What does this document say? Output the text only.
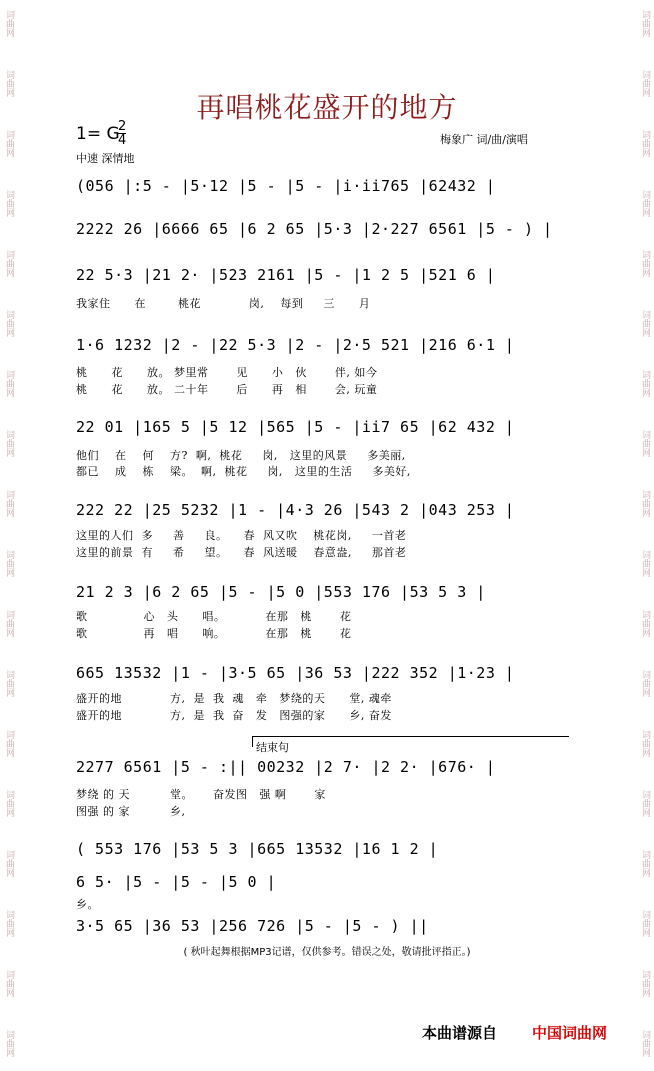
词曲网
词曲网
词曲网
词曲网
词曲网
词曲网
词曲网
词曲网
词曲网
词曲网
词曲网
词曲网
词曲网
词曲网
词曲网
词曲网
词曲网
词曲网
词曲网
词曲网
词曲网
词曲网
词曲网
词曲网
词曲网
词曲网
词曲网
词曲网
词曲网
词曲网
词曲网
词曲网
词曲网
词曲网
词曲网
词曲网
再唱桃花盛开的地方
1= G
2
4	梅象广 词/曲/演唱
中速 深情地
(056 |:5 - |5·12 |5 - |5 - |i·ii765 |62432 |
2222 26 |6666 65 |6 2 65 |5·3 |2·227 6561 |5 - ) |
22 5·3 |21 2· |523 2161 |5 - |1 2 5 |521 6 |
我家住      在        桃花            岗,    每到     三      月
1·6 1232 |2 - |22 5·3 |2 - |2·5 521 |216 6·1 |
桃      花      放。 梦里常       见      小   伙       伴, 如今
桃      花      放。 二十年       后      再   相       会, 玩童
22 01 |165 5 |5 12 |565 |5 - |ii7 65 |62 432 |
他们    在    何    方?  啊,  桃花     岗,   这里的风景     多美丽,
都已    成    栋    梁。  啊,  桃花     岗,   这里的生活     多美好,
222 22 |25 5232 |1 - |4·3 26 |543 2 |043 253 |
这里的人们  多     善     良。    春  风又吹    桃花岗,     一首老
这里的前景  有     希     望。    春  风送暖    春意盎,     那首老
21 2 3 |6 2 65 |5 - |5 0 |553 176 |53 5 3 |
歌              心   头      唱。          在那   桃       花
歌              再   唱      响。          在那   桃       花
665 13532 |1 - |3·5 65 |36 53 |222 352 |1·23 |
盛开的地            方,  是  我  魂   牵   梦绕的天      堂, 魂牵
盛开的地            方,  是  我  奋   发   图强的家      乡, 奋发
结束句
2277 6561 |5 - :|| 00232 |2 7· |2 2· |676· |
梦绕 的 天          堂。     奋发图   强 啊       家
图强 的 家          乡,
( 553 176 |53 5 3 |665 13532 |16 1 2 |
6 5· |5 - |5 - |5 0 |
乡。
3·5 65 |36 53 |256 726 |5 - |5 - ) ||
( 秋叶起舞根据MP3记谱，仅供参考。错误之处，敬请批评指正。)
本曲谱源自 中国词曲网
